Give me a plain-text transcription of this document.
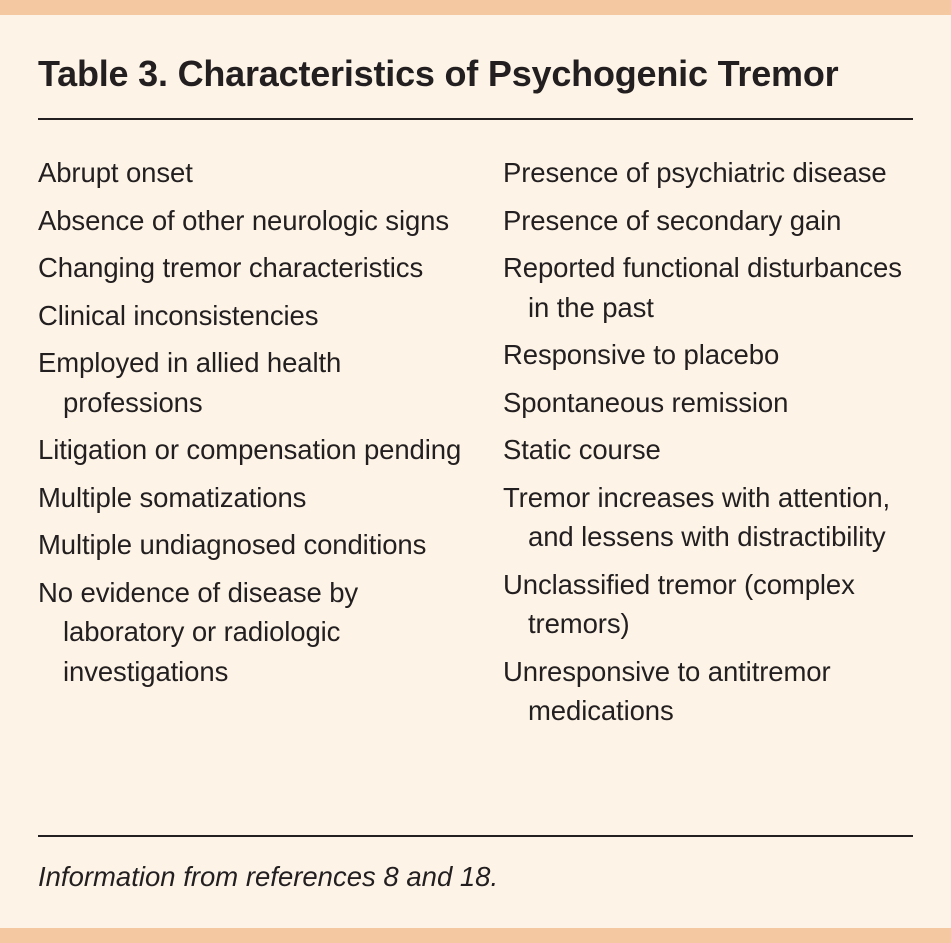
Table 3. Characteristics of Psychogenic Tremor
Abrupt onset
Absence of other neurologic signs
Changing tremor characteristics
Clinical inconsistencies
Employed in allied health professions
Litigation or compensation pending
Multiple somatizations
Multiple undiagnosed conditions
No evidence of disease by laboratory or radiologic investigations
Presence of psychiatric disease
Presence of secondary gain
Reported functional disturbances in the past
Responsive to placebo
Spontaneous remission
Static course
Tremor increases with attention, and lessens with distractibility
Unclassified tremor (complex tremors)
Unresponsive to antitremor medications

Information from references 8 and 18.
